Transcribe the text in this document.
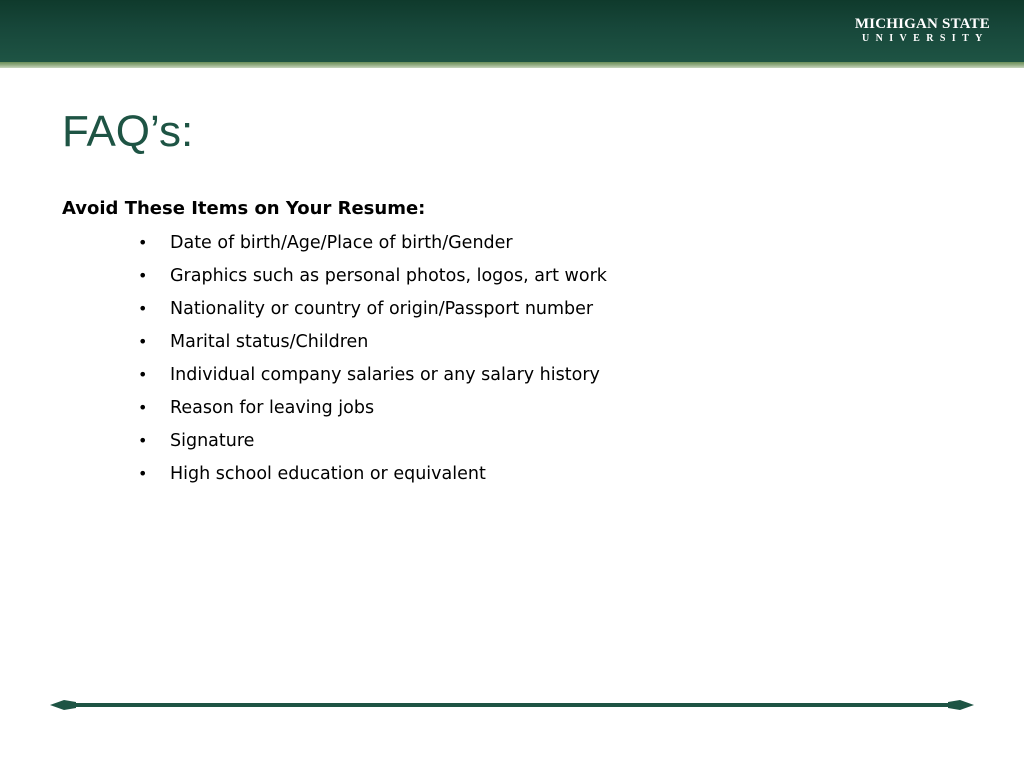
MICHIGAN STATE
UNIVERSITY
FAQ’s:
Avoid These Items on Your Resume:
• Date of birth/Age/Place of birth/Gender
• Graphics such as personal photos, logos, art work
• Nationality or country of origin/Passport number
• Marital status/Children
• Individual company salaries or any salary history
• Reason for leaving jobs
• Signature
• High school education or equivalent
